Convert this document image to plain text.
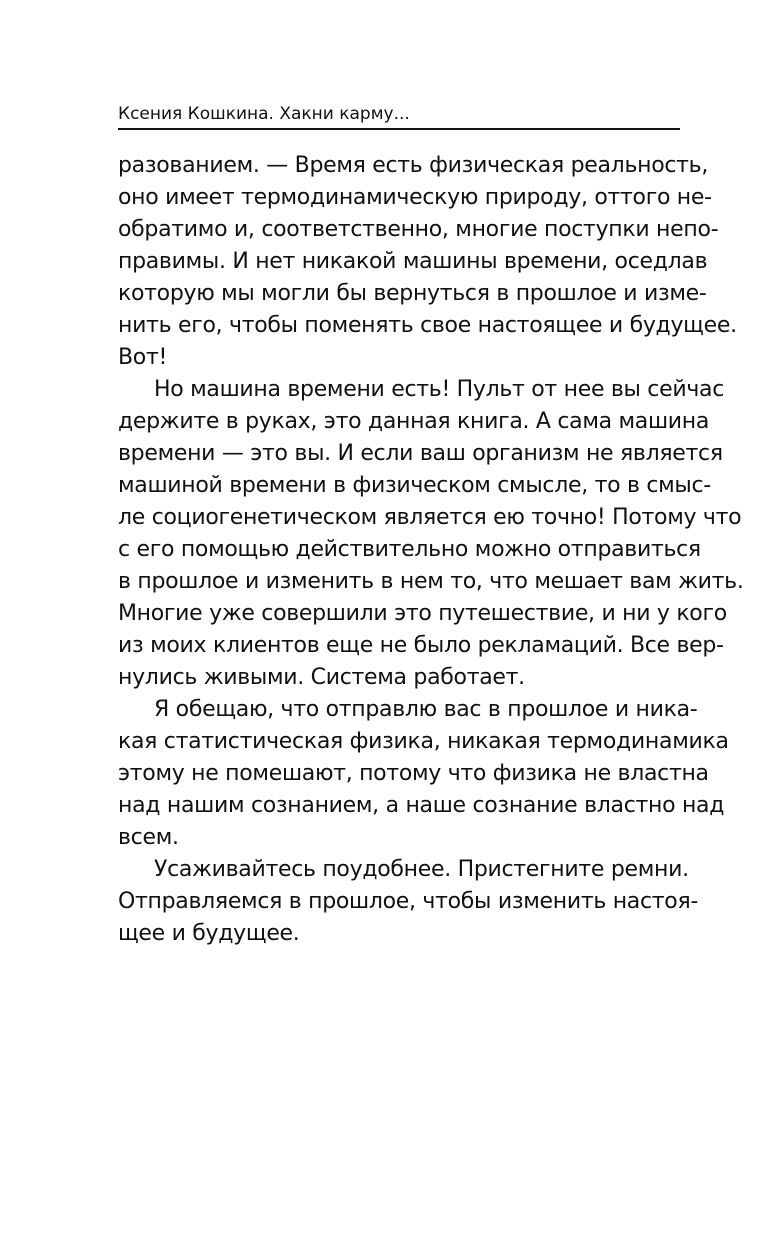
Ксения Кошкина. Хакни карму...
разованием. — Время есть физическая реальность,
оно имеет термодинамическую природу, оттого не-
обратимо и, соответственно, многие поступки непо-
правимы. И нет никакой машины времени, оседлав
которую мы могли бы вернуться в прошлое и изме-
нить его, чтобы поменять свое настоящее и будущее.
Вот!
Но машина времени есть! Пульт от нее вы сейчас
держите в руках, это данная книга. А сама машина
времени — это вы. И если ваш организм не является
машиной времени в физическом смысле, то в смыс-
ле социогенетическом является ею точно! Потому что
с его помощью действительно можно отправиться
в прошлое и изменить в нем то, что мешает вам жить.
Многие уже совершили это путешествие, и ни у кого
из моих клиентов еще не было рекламаций. Все вер-
нулись живыми. Система работает.
Я обещаю, что отправлю вас в прошлое и ника-
кая статистическая физика, никакая термодинамика
этому не помешают, потому что физика не властна
над нашим сознанием, а наше сознание властно над
всем.
Усаживайтесь поудобнее. Пристегните ремни.
Отправляемся в прошлое, чтобы изменить настоя-
щее и будущее.
